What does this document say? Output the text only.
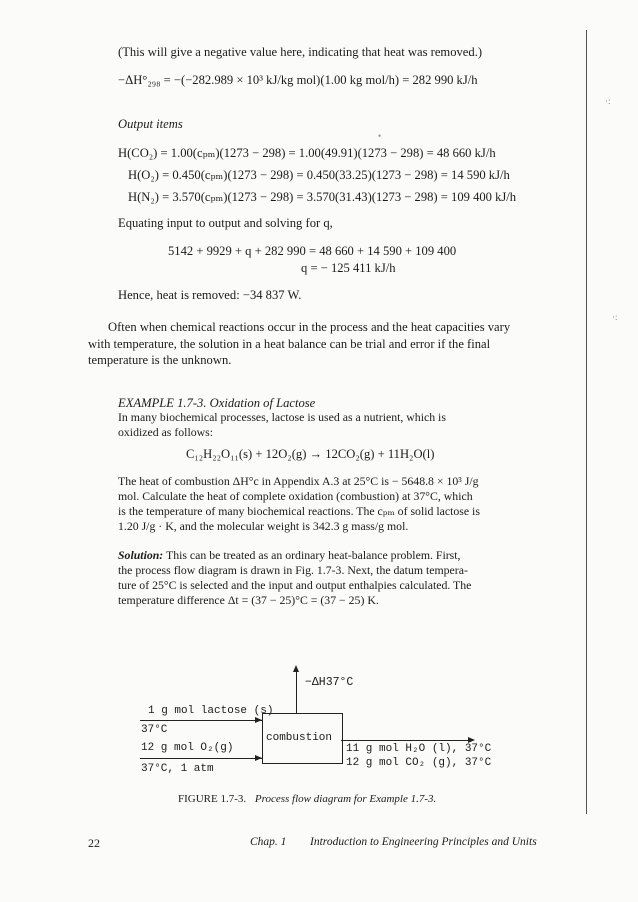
·:
·:
•
(This will give a negative value here, indicating that heat was removed.)
−ΔH°₂₉₈ = −(−282.989 × 10³ kJ/kg mol)(1.00 kg mol/h) = 282 990 kJ/h
Output items
H(CO₂) = 1.00(cₚₘ)(1273 − 298) = 1.00(49.91)(1273 − 298) = 48 660 kJ/h
H(O₂) = 0.450(cₚₘ)(1273 − 298) = 0.450(33.25)(1273 − 298) = 14 590 kJ/h
H(N₂) = 3.570(cₚₘ)(1273 − 298) = 3.570(31.43)(1273 − 298) = 109 400 kJ/h
Equating input to output and solving for q,
5142 + 9929 + q + 282 990 = 48 660 + 14 590 + 109 400
q = − 125 411 kJ/h
Hence, heat is removed: −34 837 W.
Often when chemical reactions occur in the process and the heat capacities vary
with temperature, the solution in a heat balance can be trial and error if the final
temperature is the unknown.
EXAMPLE 1.7-3. Oxidation of Lactose
In many biochemical processes, lactose is used as a nutrient, which is
oxidized as follows:
C₁₂H₂₂O₁₁(s) + 12O₂(g) → 12CO₂(g) + 11H₂O(l)
The heat of combustion ΔH°c in Appendix A.3 at 25°C is − 5648.8 × 10³ J/g
mol. Calculate the heat of complete oxidation (combustion) at 37°C, which
is the temperature of many biochemical reactions. The cₚₘ of solid lactose is
1.20 J/g · K, and the molecular weight is 342.3 g mass/g mol.
Solution: This can be treated as an ordinary heat-balance problem. First,
the process flow diagram is drawn in Fig. 1.7-3. Next, the datum tempera-
ture of 25°C is selected and the input and output enthalpies calculated. The
temperature difference Δt = (37 − 25)°C = (37 − 25) K.
combustion
−ΔH37°C
1 g mol lactose (s)
37°C
12 g mol O₂(g)
37°C, 1 atm
11 g mol H₂O (l), 37°C
12 g mol CO₂ (g), 37°C
FIGURE 1.7-3. Process flow diagram for Example 1.7-3.
22	Chap. 1 Introduction to Engineering Principles and Units
